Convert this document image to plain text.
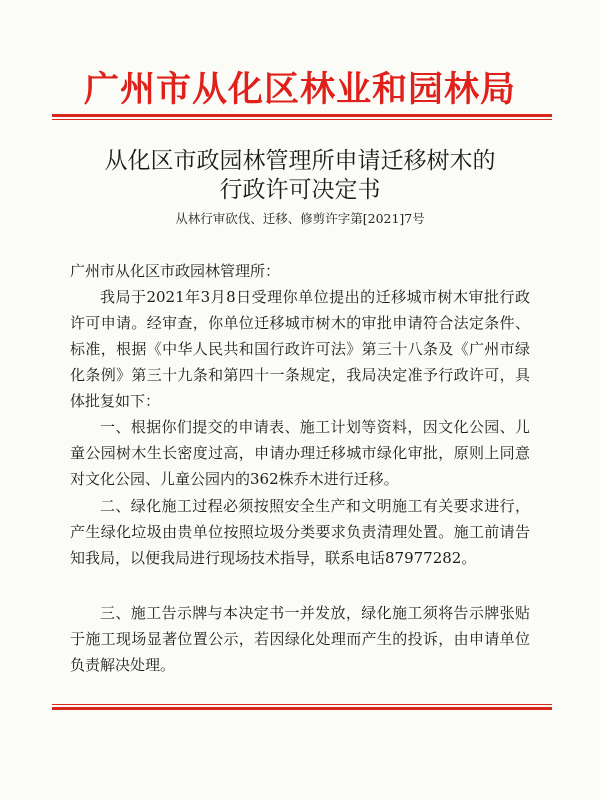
广州市从化区林业和园林局
从化区市政园林管理所申请迁移树木的
行政许可决定书
从林行审砍伐、迁移、修剪许字第[2021]7号
广州市从化区市政园林管理所：

我局于2021年3月8日受理你单位提出的迁移城市树木审批行政许可申请。经审查，你单位迁移城市树木的审批申请符合法定条件、标准，根据《中华人民共和国行政许可法》第三十八条及《广州市绿化条例》第三十九条和第四十一条规定，我局决定准予行政许可，具体批复如下：

一、根据你们提交的申请表、施工计划等资料，因文化公园、儿童公园树木生长密度过高，申请办理迁移城市绿化审批，原则上同意对文化公园、儿童公园内的362株乔木进行迁移。

二、绿化施工过程必须按照安全生产和文明施工有关要求进行，产生绿化垃圾由贵单位按照垃圾分类要求负责清理处置。施工前请告知我局，以便我局进行现场技术指导，联系电话87977282。

三、施工告示牌与本决定书一并发放，绿化施工须将告示牌张贴于施工现场显著位置公示，若因绿化处理而产生的投诉，由申请单位负责解决处理。
